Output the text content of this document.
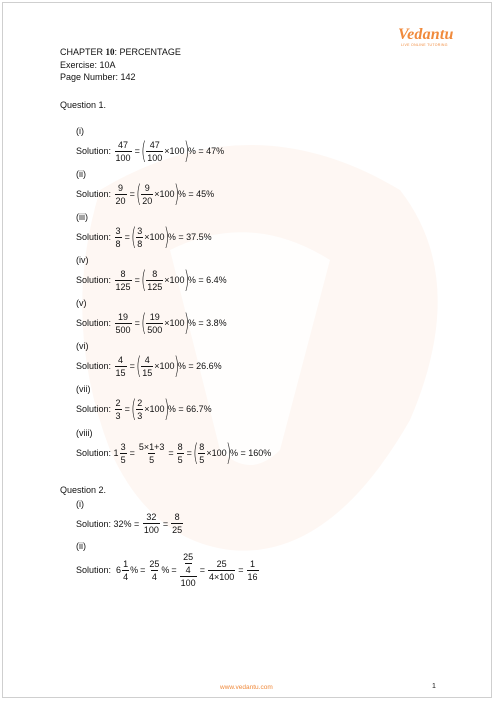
Vedantu
LIVE ONLINE TUTORING
CHAPTER 10: PERCENTAGE
Exercise: 10A
Page Number: 142
Question 1.
(i)
Solution:
$\frac{47}{100}$ = ( $\frac{47}{100} \times 100$ ) % = 47%
(ii)
Solution:
$\frac{9}{20}$ = ( $\frac{9}{20} \times 100$ ) % = 45%
(iii)
Solution:
$\frac{3}{8}$ = ( $\frac{3}{8} \times 100$ ) % = 37.5%
(iv)
Solution:
$\frac{8}{125}$ = ( $\frac{8}{125} \times 100$ ) % = 6.4%
(v)
Solution:
$\frac{19}{500}$ = ( $\frac{19}{500} \times 100$ ) % = 3.8%
(vi)
Solution:
$\frac{4}{15}$ = ( $\frac{4}{15} \times 100$ ) % = 26.6%
(vii)
Solution:
$\frac{2}{3}$ = ( $\frac{2}{3} \times 100$ ) % = 66.7%
(viii)
Solution:
$1 \frac{3}{5} = \frac{5\times 1+3}{5} = \frac{8}{5}$ = ( $\frac{8}{5} \times 100$ ) % = 160%
Question 2.
(i)
Solution: 32% =
$\frac{32}{100} = \frac{8}{25}$
(ii)
Solution:
$6 \frac{1}{4}$ % = $\frac{25}{4}$ % = $\frac{\frac{25}{4}}{100} = \frac{25}{4\times 100} = \frac{1}{16}$
www.vedantu.com	1
